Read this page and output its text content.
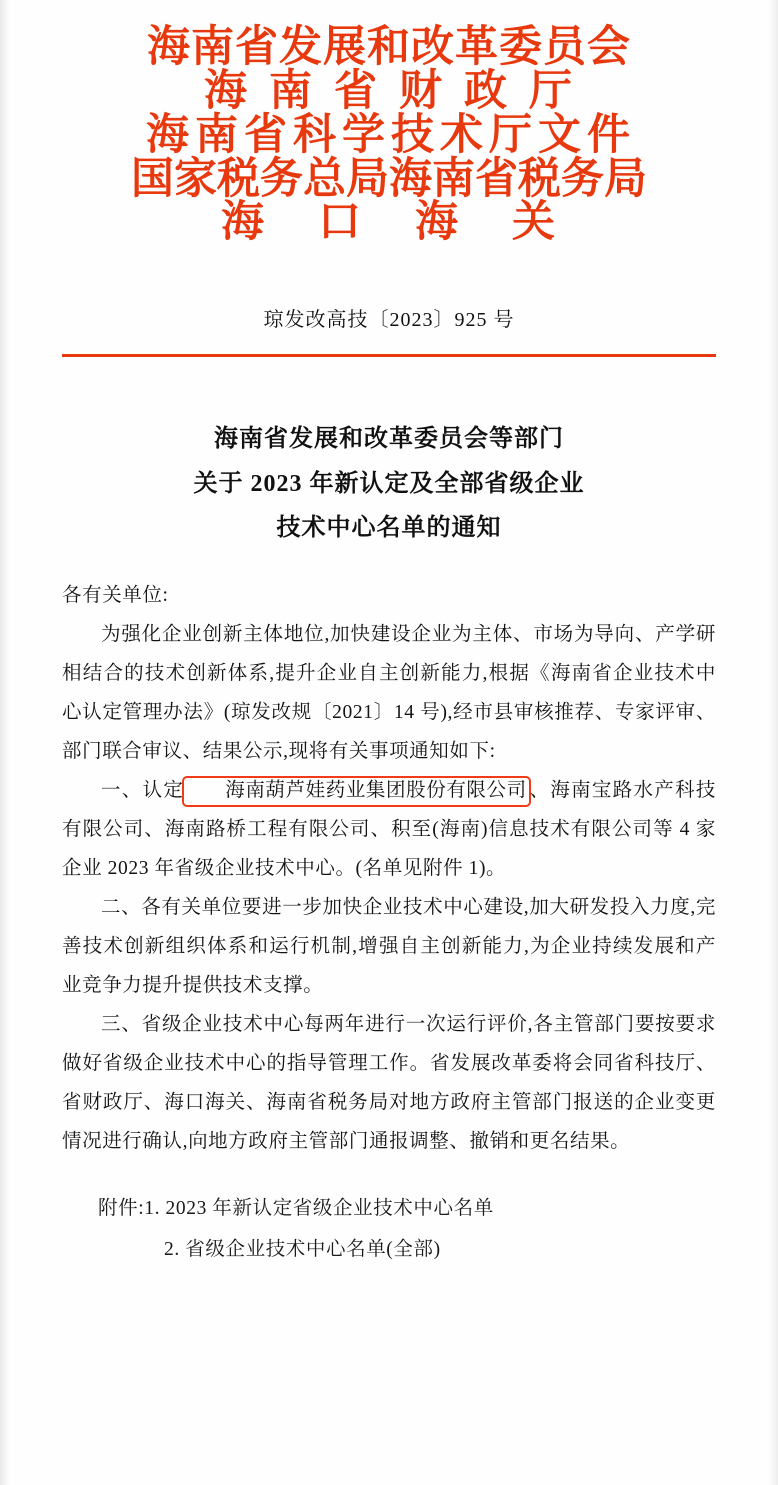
海南省发展和改革委员会
海南省财政厅
海南省科学技术厅文件
国家税务总局海南省税务局
海口海关
琼发改高技〔2023〕925 号
海南省发展和改革委员会等部门
关于 2023 年新认定及全部省级企业
技术中心名单的通知

各有关单位:

为强化企业创新主体地位,加快建设企业为主体、市场为导向、产学研相结合的技术创新体系,提升企业自主创新能力,根据《海南省企业技术中心认定管理办法》(琼发改规〔2021〕14 号),经市县审核推荐、专家评审、部门联合审议、结果公示,现将有关事项通知如下:

一、认定 海南葫芦娃药业集团股份有限公司 、海南宝路水产科技有限公司、海南路桥工程有限公司、积至(海南)信息技术有限公司等 4 家企业 2023 年省级企业技术中心。(名单见附件 1)。

二、各有关单位要进一步加快企业技术中心建设,加大研发投入力度,完善技术创新组织体系和运行机制,增强自主创新能力,为企业持续发展和产业竞争力提升提供技术支撑。

三、省级企业技术中心每两年进行一次运行评价,各主管部门要按要求做好省级企业技术中心的指导管理工作。省发展改革委将会同省科技厅、省财政厅、海口海关、海南省税务局对地方政府主管部门报送的企业变更情况进行确认,向地方政府主管部门通报调整、撤销和更名结果。

附件:1. 2023 年新认定省级企业技术中心名单
2. 省级企业技术中心名单(全部)
